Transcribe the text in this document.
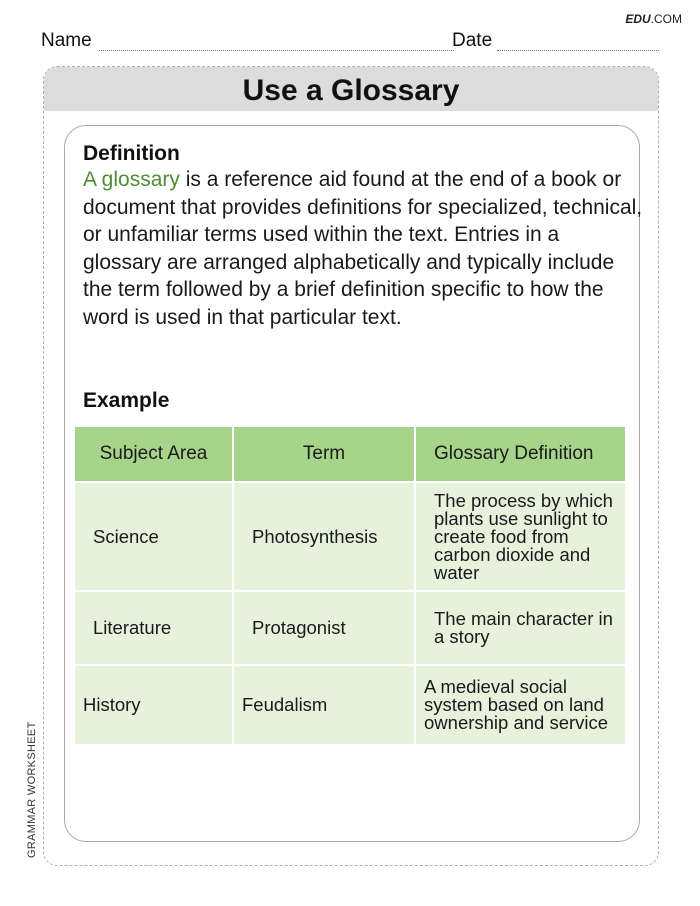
EDU.COM
Name	Date
Use a Glossary
Definition
A glossary is a reference aid found at the end of a book or document that provides definitions for specialized, technical, or unfamiliar terms used within the text. Entries in a glossary are arranged alphabetically and typically include the term followed by a brief definition specific to how the word is used in that particular text.
Example
Subject Area	Term	Glossary Definition
Science	Photosynthesis	The process by which plants use sunlight to create food from carbon dioxide and water
Literature	Protagonist	The main character in a story
History	Feudalism	A medieval social system based on land ownership and service
GRAMMAR WORKSHEET
